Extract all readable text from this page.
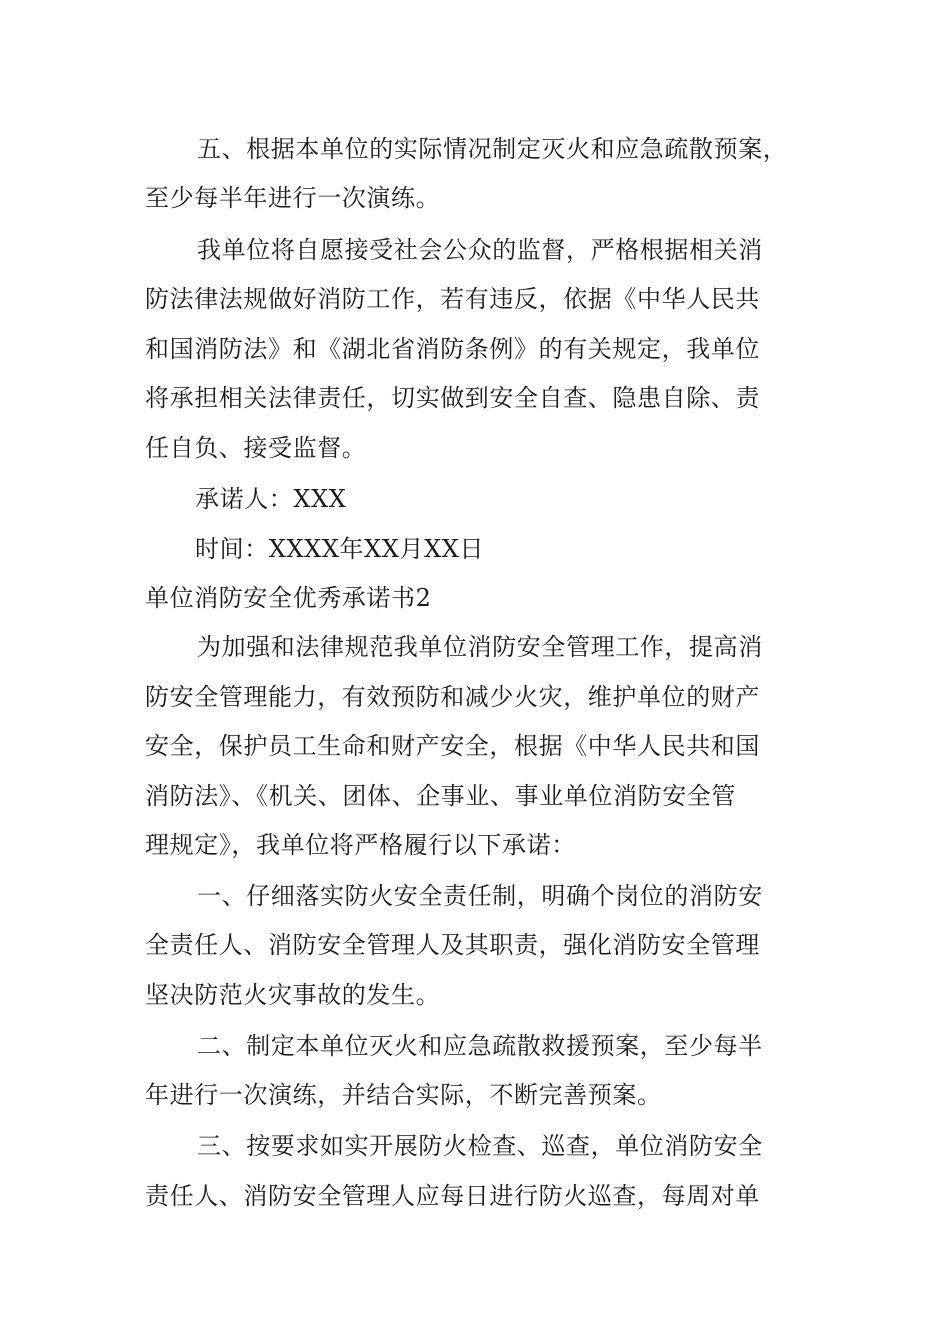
五、根据本单位的实际情况制定灭火和应急疏散预案，
至少每半年进行一次演练。
我单位将自愿接受社会公众的监督，严格根据相关消
防法律法规做好消防工作，若有违反，依据《中华人民共
和国消防法》和《湖北省消防条例》的有关规定，我单位
将承担相关法律责任，切实做到安全自查、隐患自除、责
任自负、接受监督。
承诺人：XXX
时间：XXXX年XX月XX日
单位消防安全优秀承诺书2
为加强和法律规范我单位消防安全管理工作，提高消
防安全管理能力，有效预防和减少火灾，维护单位的财产
安全，保护员工生命和财产安全，根据《中华人民共和国
消防法》、《机关、团体、企事业、事业单位消防安全管
理规定》，我单位将严格履行以下承诺：
一、仔细落实防火安全责任制，明确个岗位的消防安
全责任人、消防安全管理人及其职责，强化消防安全管理
坚决防范火灾事故的发生。
二、制定本单位灭火和应急疏散救援预案，至少每半
年进行一次演练，并结合实际，不断完善预案。
三、按要求如实开展防火检查、巡查，单位消防安全
责任人、消防安全管理人应每日进行防火巡查，每周对单
